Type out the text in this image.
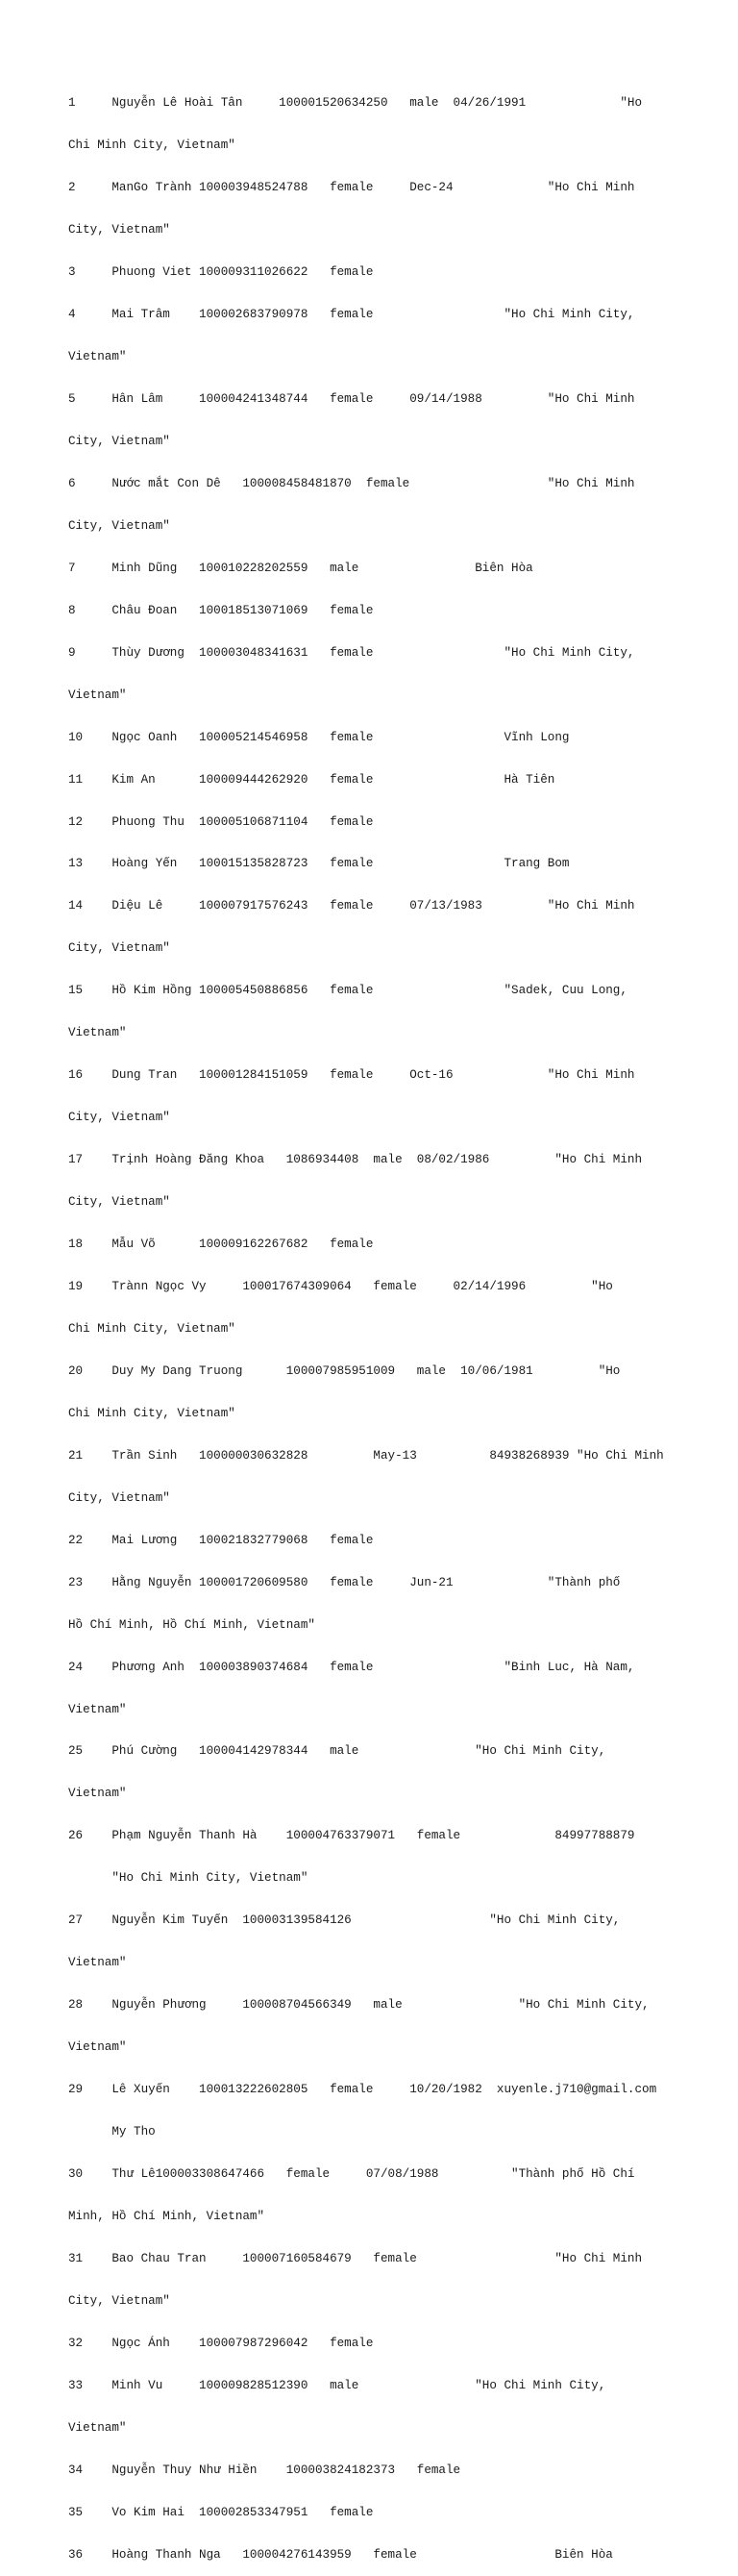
1     Nguyễn Lê Hoài Tân     100001520634250   male  04/26/1991             "Ho

Chi Minh City, Vietnam"

2     ManGo Trành 100003948524788   female     Dec-24             "Ho Chi Minh

City, Vietnam"

3     Phuong Viet 100009311026622   female

4     Mai Trâm    100002683790978   female                  "Ho Chi Minh City,

Vietnam"

5     Hân Lâm     100004241348744   female     09/14/1988         "Ho Chi Minh

City, Vietnam"

6     Nước mắt Con Dê   100008458481870  female                   "Ho Chi Minh

City, Vietnam"

7     Minh Dũng   100010228202559   male                Biên Hòa

8     Châu Đoan   100018513071069   female

9     Thùy Dương  100003048341631   female                  "Ho Chi Minh City,

Vietnam"

10    Ngọc Oanh   100005214546958   female                  Vĩnh Long

11    Kim An      100009444262920   female                  Hà Tiên

12    Phuong Thu  100005106871104   female

13    Hoàng Yến   100015135828723   female                  Trang Bom

14    Diệu Lê     100007917576243   female     07/13/1983         "Ho Chi Minh

City, Vietnam"

15    Hồ Kim Hồng 100005450886856   female                  "Sadek, Cuu Long,

Vietnam"

16    Dung Tran   100001284151059   female     Oct-16             "Ho Chi Minh

City, Vietnam"

17    Trịnh Hoàng Đăng Khoa   1086934408  male  08/02/1986         "Ho Chi Minh

City, Vietnam"

18    Mẫu Võ      100009162267682   female

19    Trànn Ngọc Vy     100017674309064   female     02/14/1996         "Ho

Chi Minh City, Vietnam"

20    Duy My Dang Truong      100007985951009   male  10/06/1981         "Ho

Chi Minh City, Vietnam"

21    Trần Sinh   100000030632828         May-13          84938268939 "Ho Chi Minh

City, Vietnam"

22    Mai Lương   100021832779068   female

23    Hằng Nguyễn 100001720609580   female     Jun-21             "Thành phố

Hồ Chí Minh, Hồ Chí Minh, Vietnam"

24    Phương Anh  100003890374684   female                  "Binh Luc, Hà Nam,

Vietnam"

25    Phú Cường   100004142978344   male                "Ho Chi Minh City,

Vietnam"

26    Phạm Nguyễn Thanh Hà    100004763379071   female             84997788879

"Ho Chi Minh City, Vietnam"

27    Nguyễn Kim Tuyến  100003139584126                   "Ho Chi Minh City,

Vietnam"

28    Nguyễn Phương     100008704566349   male                "Ho Chi Minh City,

Vietnam"

29    Lê Xuyến    100013222602805   female     10/20/1982  xuyenle.j710@gmail.com

My Tho

30    Thư Lê100003308647466   female     07/08/1988          "Thành phố Hồ Chí

Minh, Hồ Chí Minh, Vietnam"

31    Bao Chau Tran     100007160584679   female                   "Ho Chi Minh

City, Vietnam"

32    Ngọc Ánh    100007987296042   female

33    Minh Vu     100009828512390   male                "Ho Chi Minh City,

Vietnam"

34    Nguyễn Thuy Như Hiền    100003824182373   female

35    Vo Kim Hai  100002853347951   female

36    Hoàng Thanh Nga   100004276143959   female                   Biên Hòa
